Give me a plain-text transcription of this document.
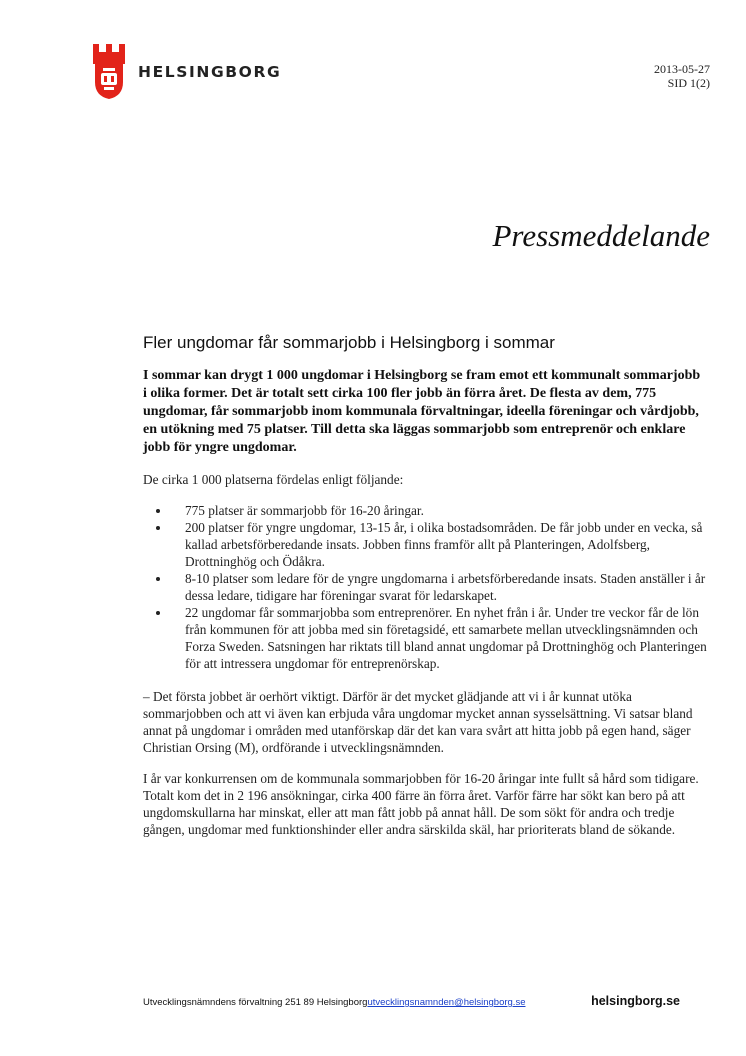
HELSINGBORG	2013-05-27
SID 1(2)
Pressmeddelande
Fler ungdomar får sommarjobb i Helsingborg i sommar

I sommar kan drygt 1 000 ungdomar i Helsingborg se fram emot ett kommunalt sommarjobb i olika former. Det är totalt sett cirka 100 fler jobb än förra året. De flesta av dem, 775 ungdomar, får sommarjobb inom kommunala förvaltningar, ideella föreningar och vårdjobb, en utökning med 75 platser. Till detta ska läggas sommarjobb som entreprenör och enklare jobb för yngre ungdomar.

De cirka 1 000 platserna fördelas enligt följande:

• 775 platser är sommarjobb för 16-20 åringar.
• 200 platser för yngre ungdomar, 13-15 år, i olika bostadsområden. De får jobb under en vecka, så kallad arbetsförberedande insats. Jobben finns framför allt på Planteringen, Adolfsberg, Drottninghög och Ödåkra.
• 8-10 platser som ledare för de yngre ungdomarna i arbetsförberedande insats. Staden anställer i år dessa ledare, tidigare har föreningar svarat för ledarskapet.
• 22 ungdomar får sommarjobba som entreprenörer. En nyhet från i år. Under tre veckor får de lön från kommunen för att jobba med sin företagsidé, ett samarbete mellan utvecklingsnämnden och Forza Sweden. Satsningen har riktats till bland annat ungdomar på Drottninghög och Planteringen för att intressera ungdomar för entreprenörskap.

– Det första jobbet är oerhört viktigt. Därför är det mycket glädjande att vi i år kunnat utöka sommarjobben och att vi även kan erbjuda våra ungdomar mycket annan sysselsättning. Vi satsar bland annat på ungdomar i områden med utanförskap där det kan vara svårt att hitta jobb på egen hand, säger Christian Orsing (M), ordförande i utvecklingsnämnden.

I år var konkurrensen om de kommunala sommarjobben för 16-20 åringar inte fullt så hård som tidigare. Totalt kom det in 2 196 ansökningar, cirka 400 färre än förra året. Varför färre har sökt kan bero på att ungdomskullarna har minskat, eller att man fått jobb på annat håll. De som sökt för andra och tredje gången, ungdomar med funktionshinder eller andra särskilda skäl, har prioriterats bland de sökande.

Utvecklingsnämndens förvaltning 251 89 Helsingborgutvecklingsnamnden@helsingborg.se	helsingborg.se
